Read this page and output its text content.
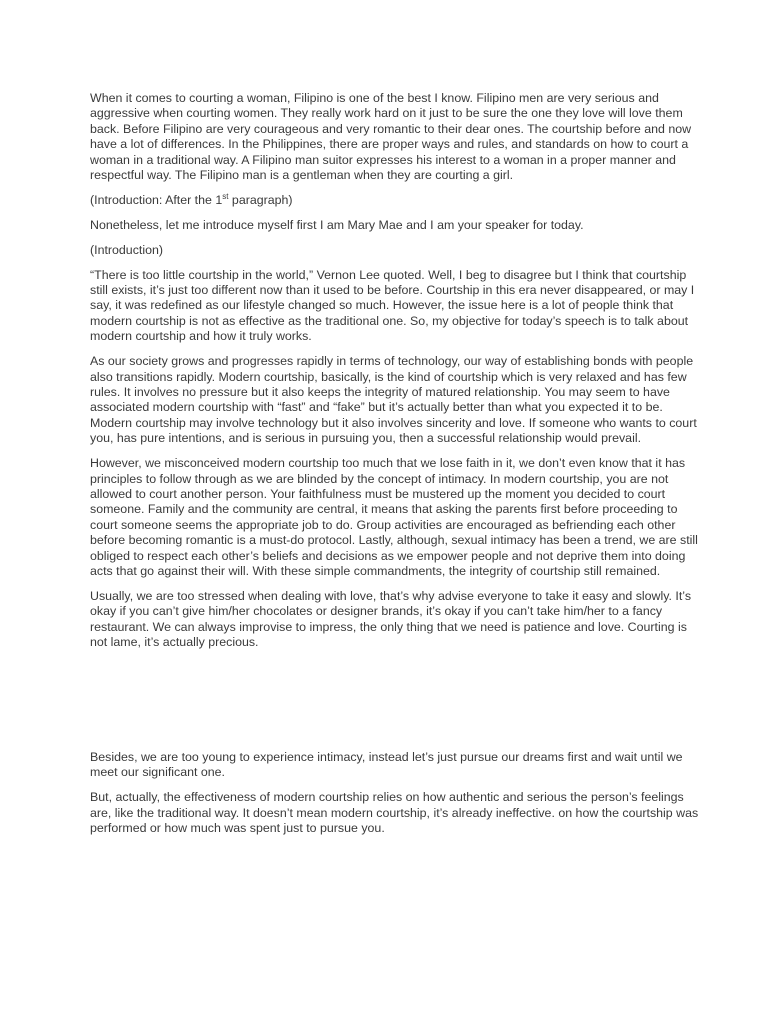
When it comes to courting a woman, Filipino is one of the best I know. Filipino men are very serious and aggressive when courting women. They really work hard on it just to be sure the one they love will love them back. Before Filipino are very courageous and very romantic to their dear ones. The courtship before and now have a lot of differences. In the Philippines, there are proper ways and rules, and standards on how to court a woman in a traditional way. A Filipino man suitor expresses his interest to a woman in a proper manner and respectful way. The Filipino man is a gentleman when they are courting a girl.

(Introduction: After the 1st paragraph)

Nonetheless, let me introduce myself first I am Mary Mae and I am your speaker for today.

(Introduction)

“There is too little courtship in the world,” Vernon Lee quoted. Well, I beg to disagree but I think that courtship still exists, it’s just too different now than it used to be before. Courtship in this era never disappeared, or may I say, it was redefined as our lifestyle changed so much. However, the issue here is a lot of people think that modern courtship is not as effective as the traditional one. So, my objective for today’s speech is to talk about modern courtship and how it truly works.

As our society grows and progresses rapidly in terms of technology, our way of establishing bonds with people also transitions rapidly. Modern courtship, basically, is the kind of courtship which is very relaxed and has few rules. It involves no pressure but it also keeps the integrity of matured relationship. You may seem to have associated modern courtship with “fast” and “fake” but it’s actually better than what you expected it to be. Modern courtship may involve technology but it also involves sincerity and love. If someone who wants to court you, has pure intentions, and is serious in pursuing you, then a successful relationship would prevail.

However, we misconceived modern courtship too much that we lose faith in it, we don’t even know that it has principles to follow through as we are blinded by the concept of intimacy. In modern courtship, you are not allowed to court another person. Your faithfulness must be mustered up the moment you decided to court someone. Family and the community are central, it means that asking the parents first before proceeding to court someone seems the appropriate job to do. Group activities are encouraged as befriending each other before becoming romantic is a must-do protocol. Lastly, although, sexual intimacy has been a trend, we are still obliged to respect each other’s beliefs and decisions as we empower people and not deprive them into doing acts that go against their will. With these simple commandments, the integrity of courtship still remained.

Usually, we are too stressed when dealing with love, that’s why advise everyone to take it easy and slowly. It’s okay if you can’t give him/her chocolates or designer brands, it’s okay if you can’t take him/her to a fancy restaurant. We can always improvise to impress, the only thing that we need is patience and love. Courting is not lame, it’s actually precious.

Besides, we are too young to experience intimacy, instead let’s just pursue our dreams first and wait until we meet our significant one.

But, actually, the effectiveness of modern courtship relies on how authentic and serious the person’s feelings are, like the traditional way. It doesn’t mean modern courtship, it’s already ineffective. on how the courtship was performed or how much was spent just to pursue you.
